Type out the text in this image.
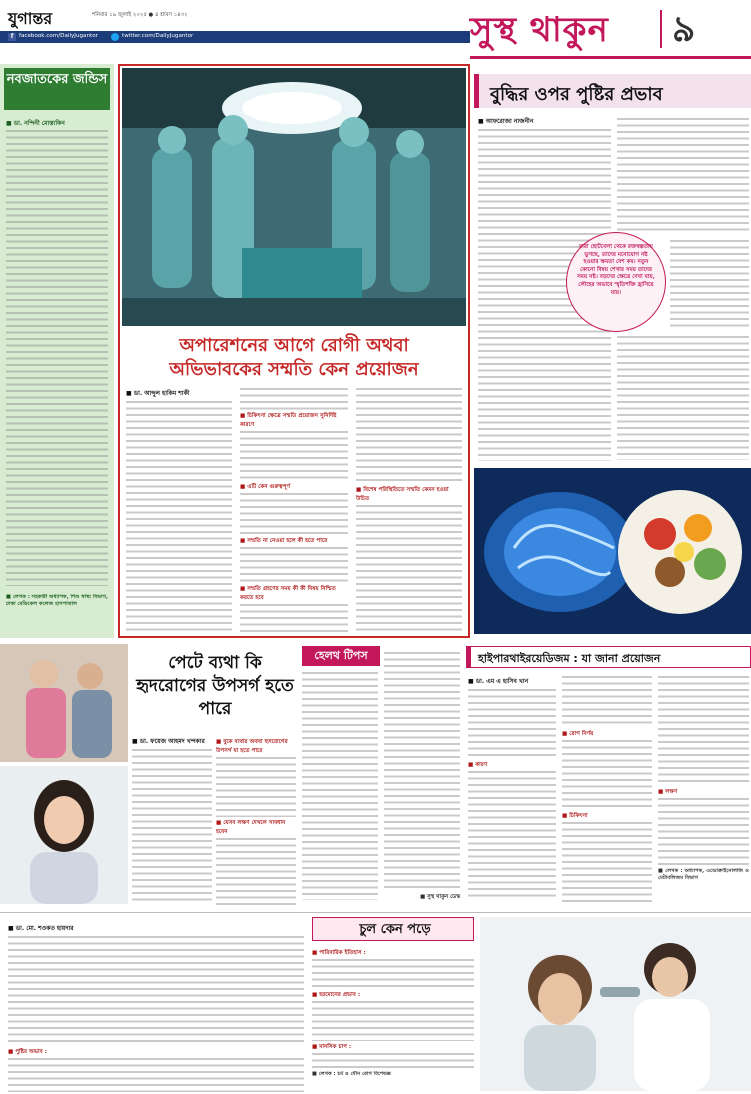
যুগান্তর	শনিবার ১৯ জুলাই ২০২৫ ● ৪ শ্রাবণ ১৪৩২
f	facebook.com/DailyJugantor	twitter.com/DailyJugantor	সুস্থ থাকুন ৯
নবজাতকের জন্ডিস
■ ডা. নন্দিনী মোস্তাকিন
■ লেখক : সহকারী অধ্যাপক, শিশু স্বাস্থ্য বিভাগ, ঢাকা মেডিকেল কলেজ হাসপাতাল
অপারেশনের আগে রোগী অথবা অভিভাবকের সম্মতি কেন প্রয়োজন
■ ডা. আব্দুল হাকিম শাকী
■ চিকিৎসা ক্ষেত্রে সম্মতি প্রয়োজন সুনির্দিষ্ট কারণে
■ এটি কেন গুরুত্বপূর্ণ
■ সম্মতি না নেওয়া হলে কী হতে পারে
■ সম্মতি গ্রহণের সময় কী কী বিষয় নিশ্চিত করতে হবে
■ বিশেষ পরিস্থিতিতে সম্মতি কেমন হওয়া উচিত
বুদ্ধির ওপর পুষ্টির প্রভাব
■ আফরোজা নাজনীন
যারা ছোটবেলা থেকে রক্তস্বল্পতায় ভুগছে, তাদের মনোযোগ নষ্ট হওয়ার ক্ষমতা বেশ কম। নতুন কোনো বিষয় শেখার সময় তাদের সময় নষ্ট। বড়দের ক্ষেত্রে দেখা যায়, লৌহের অভাবে স্মৃতিশক্তি হ্রাসিয়ে যায়।
পেটে ব্যথা কি হৃদরোগের উপসর্গ হতে পারে
■ ডা. ফয়েজ আহমদ খন্দকার	■ বুকে ব্যথার অথবা হৃদরোগের উপসর্গ যা হতে পারে
■ যেসব লক্ষণ দেখলে সাবধান হবেন
হেলথ টিপস
■ সুস্থ থাকুন ডেস্ক
হাইপারথাইরয়েডিজম : যা জানা প্রয়োজন
■ ডা. এম এ হাসিব খান
■ কারণ
■ রোগ নির্ণয়
■ চিকিৎসা
■ লক্ষণ
■ লেখক : অধ্যাপক, এন্ডোক্রাইনোলজি ও মেটাবলিজম বিভাগ
চুল কেন পড়ে
■ ডা. মো. শওকত হায়দার
■ পুষ্টির অভাব :
■ পারিবারিক ইতিহাস :
■ হরমোনের প্রভাব :
■ মানসিক চাপ :
■ লেখক : চর্ম ও যৌন রোগ বিশেষজ্ঞ
